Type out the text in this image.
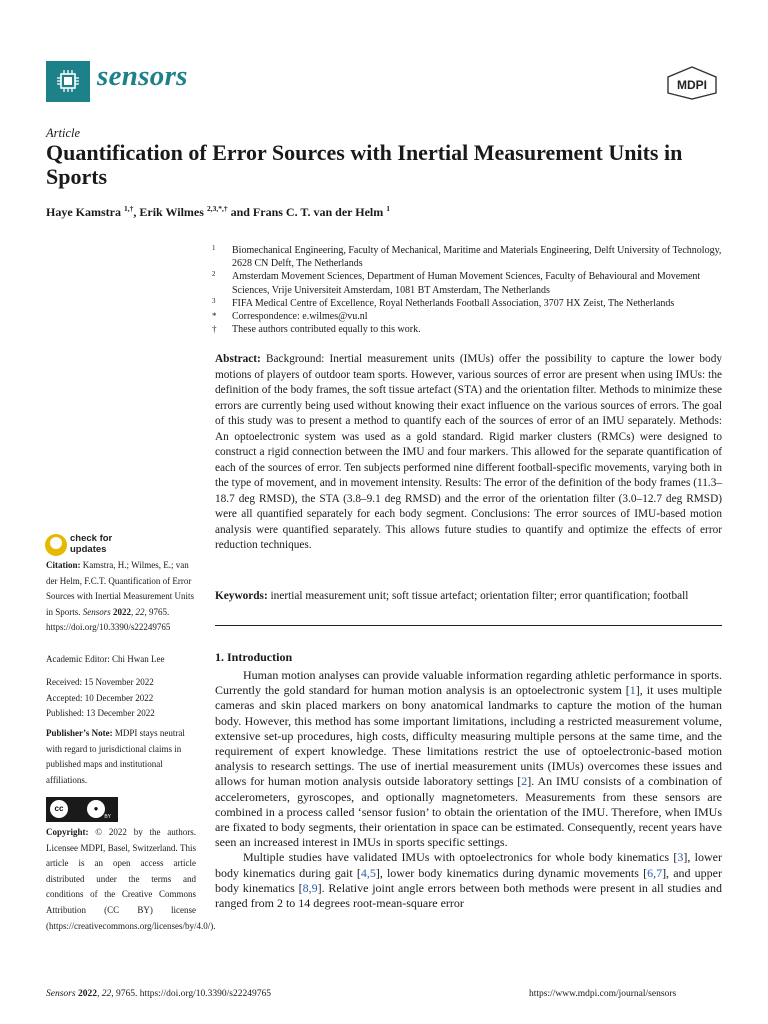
sensors	MDPI
Article
Quantification of Error Sources with Inertial Measurement Units in Sports
Haye Kamstra $^{1,\dagger}$, Erik Wilmes $^{2,3,*,\dagger}$ and Frans C. T. van der Helm $^1$
1 Biomechanical Engineering, Faculty of Mechanical, Maritime and Materials Engineering, Delft University of Technology, 2628 CN Delft, The Netherlands
2 Amsterdam Movement Sciences, Department of Human Movement Sciences, Faculty of Behavioural and Movement Sciences, Vrije Universiteit Amsterdam, 1081 BT Amsterdam, The Netherlands
3 FIFA Medical Centre of Excellence, Royal Netherlands Football Association, 3707 HX Zeist, The Netherlands
* Correspondence: e.wilmes@vu.nl
† These authors contributed equally to this work.
Abstract: Background: Inertial measurement units (IMUs) offer the possibility to capture the lower body motions of players of outdoor team sports. However, various sources of error are present when using IMUs: the definition of the body frames, the soft tissue artefact (STA) and the orientation filter. Methods to minimize these errors are currently being used without knowing their exact influence on the various sources of errors. The goal of this study was to present a method to quantify each of the sources of error of an IMU separately. Methods: An optoelectronic system was used as a gold standard. Rigid marker clusters (RMCs) were designed to construct a rigid connection between the IMU and four markers. This allowed for the separate quantification of each of the sources of error. Ten subjects performed nine different football-specific movements, varying both in the type of movement, and in movement intensity. Results: The error of the definition of the body frames (11.3–18.7 deg RMSD), the STA (3.8–9.1 deg RMSD) and the error of the orientation filter (3.0–12.7 deg RMSD) were all quantified separately for each body segment. Conclusions: The error sources of IMU-based motion analysis were quantified separately. This allows future studies to quantify and optimize the effects of error reduction techniques.
Keywords: inertial measurement unit; soft tissue artefact; orientation filter; error quantification; football
check for
updates
Citation: Kamstra, H.; Wilmes, E.; van der Helm, F.C.T. Quantification of Error Sources with Inertial Measurement Units in Sports. Sensors 2022, 22, 9765. https://doi.org/10.3390/s22249765
Academic Editor: Chi Hwan Lee
Received: 15 November 2022
Accepted: 10 December 2022
Published: 13 December 2022
Publisher’s Note: MDPI stays neutral with regard to jurisdictional claims in published maps and institutional affiliations.
cc	●
BY
Copyright: © 2022 by the authors. Licensee MDPI, Basel, Switzerland. This article is an open access article distributed under the terms and conditions of the Creative Commons Attribution (CC BY) license (https://creativecommons.org/licenses/by/4.0/).
1. Introduction

Human motion analyses can provide valuable information regarding athletic performance in sports. Currently the gold standard for human motion analysis is an optoelectronic system [1], it uses multiple cameras and skin placed markers on bony anatomical landmarks to capture the motion of the human body. However, this method has some important limitations, including a restricted measurement volume, extensive set-up procedures, high costs, difficulty measuring multiple persons at the same time, and the requirement of expert knowledge. These limitations restrict the use of optoelectronic-based motion analysis to research settings. The use of inertial measurement units (IMUs) overcomes these issues and allows for human motion analysis outside laboratory settings [2]. An IMU consists of a combination of accelerometers, gyroscopes, and optionally magnetometers. Measurements from these sensors are combined in a process called ‘sensor fusion’ to obtain the orientation of the IMU. Therefore, when IMUs are fixated to body segments, their orientation in space can be estimated. Consequently, recent years have seen an increased interest in IMUs in sports specific settings.

Multiple studies have validated IMUs with optoelectronics for whole body kinematics [3], lower body kinematics during gait [4,5], lower body kinematics during dynamic movements [6,7], and upper body kinematics [8,9]. Relative joint angle errors between both methods were present in all studies and ranged from 2 to 14 degrees root-mean-square error

Sensors 2022, 22, 9765. https://doi.org/10.3390/s22249765	https://www.mdpi.com/journal/sensors
